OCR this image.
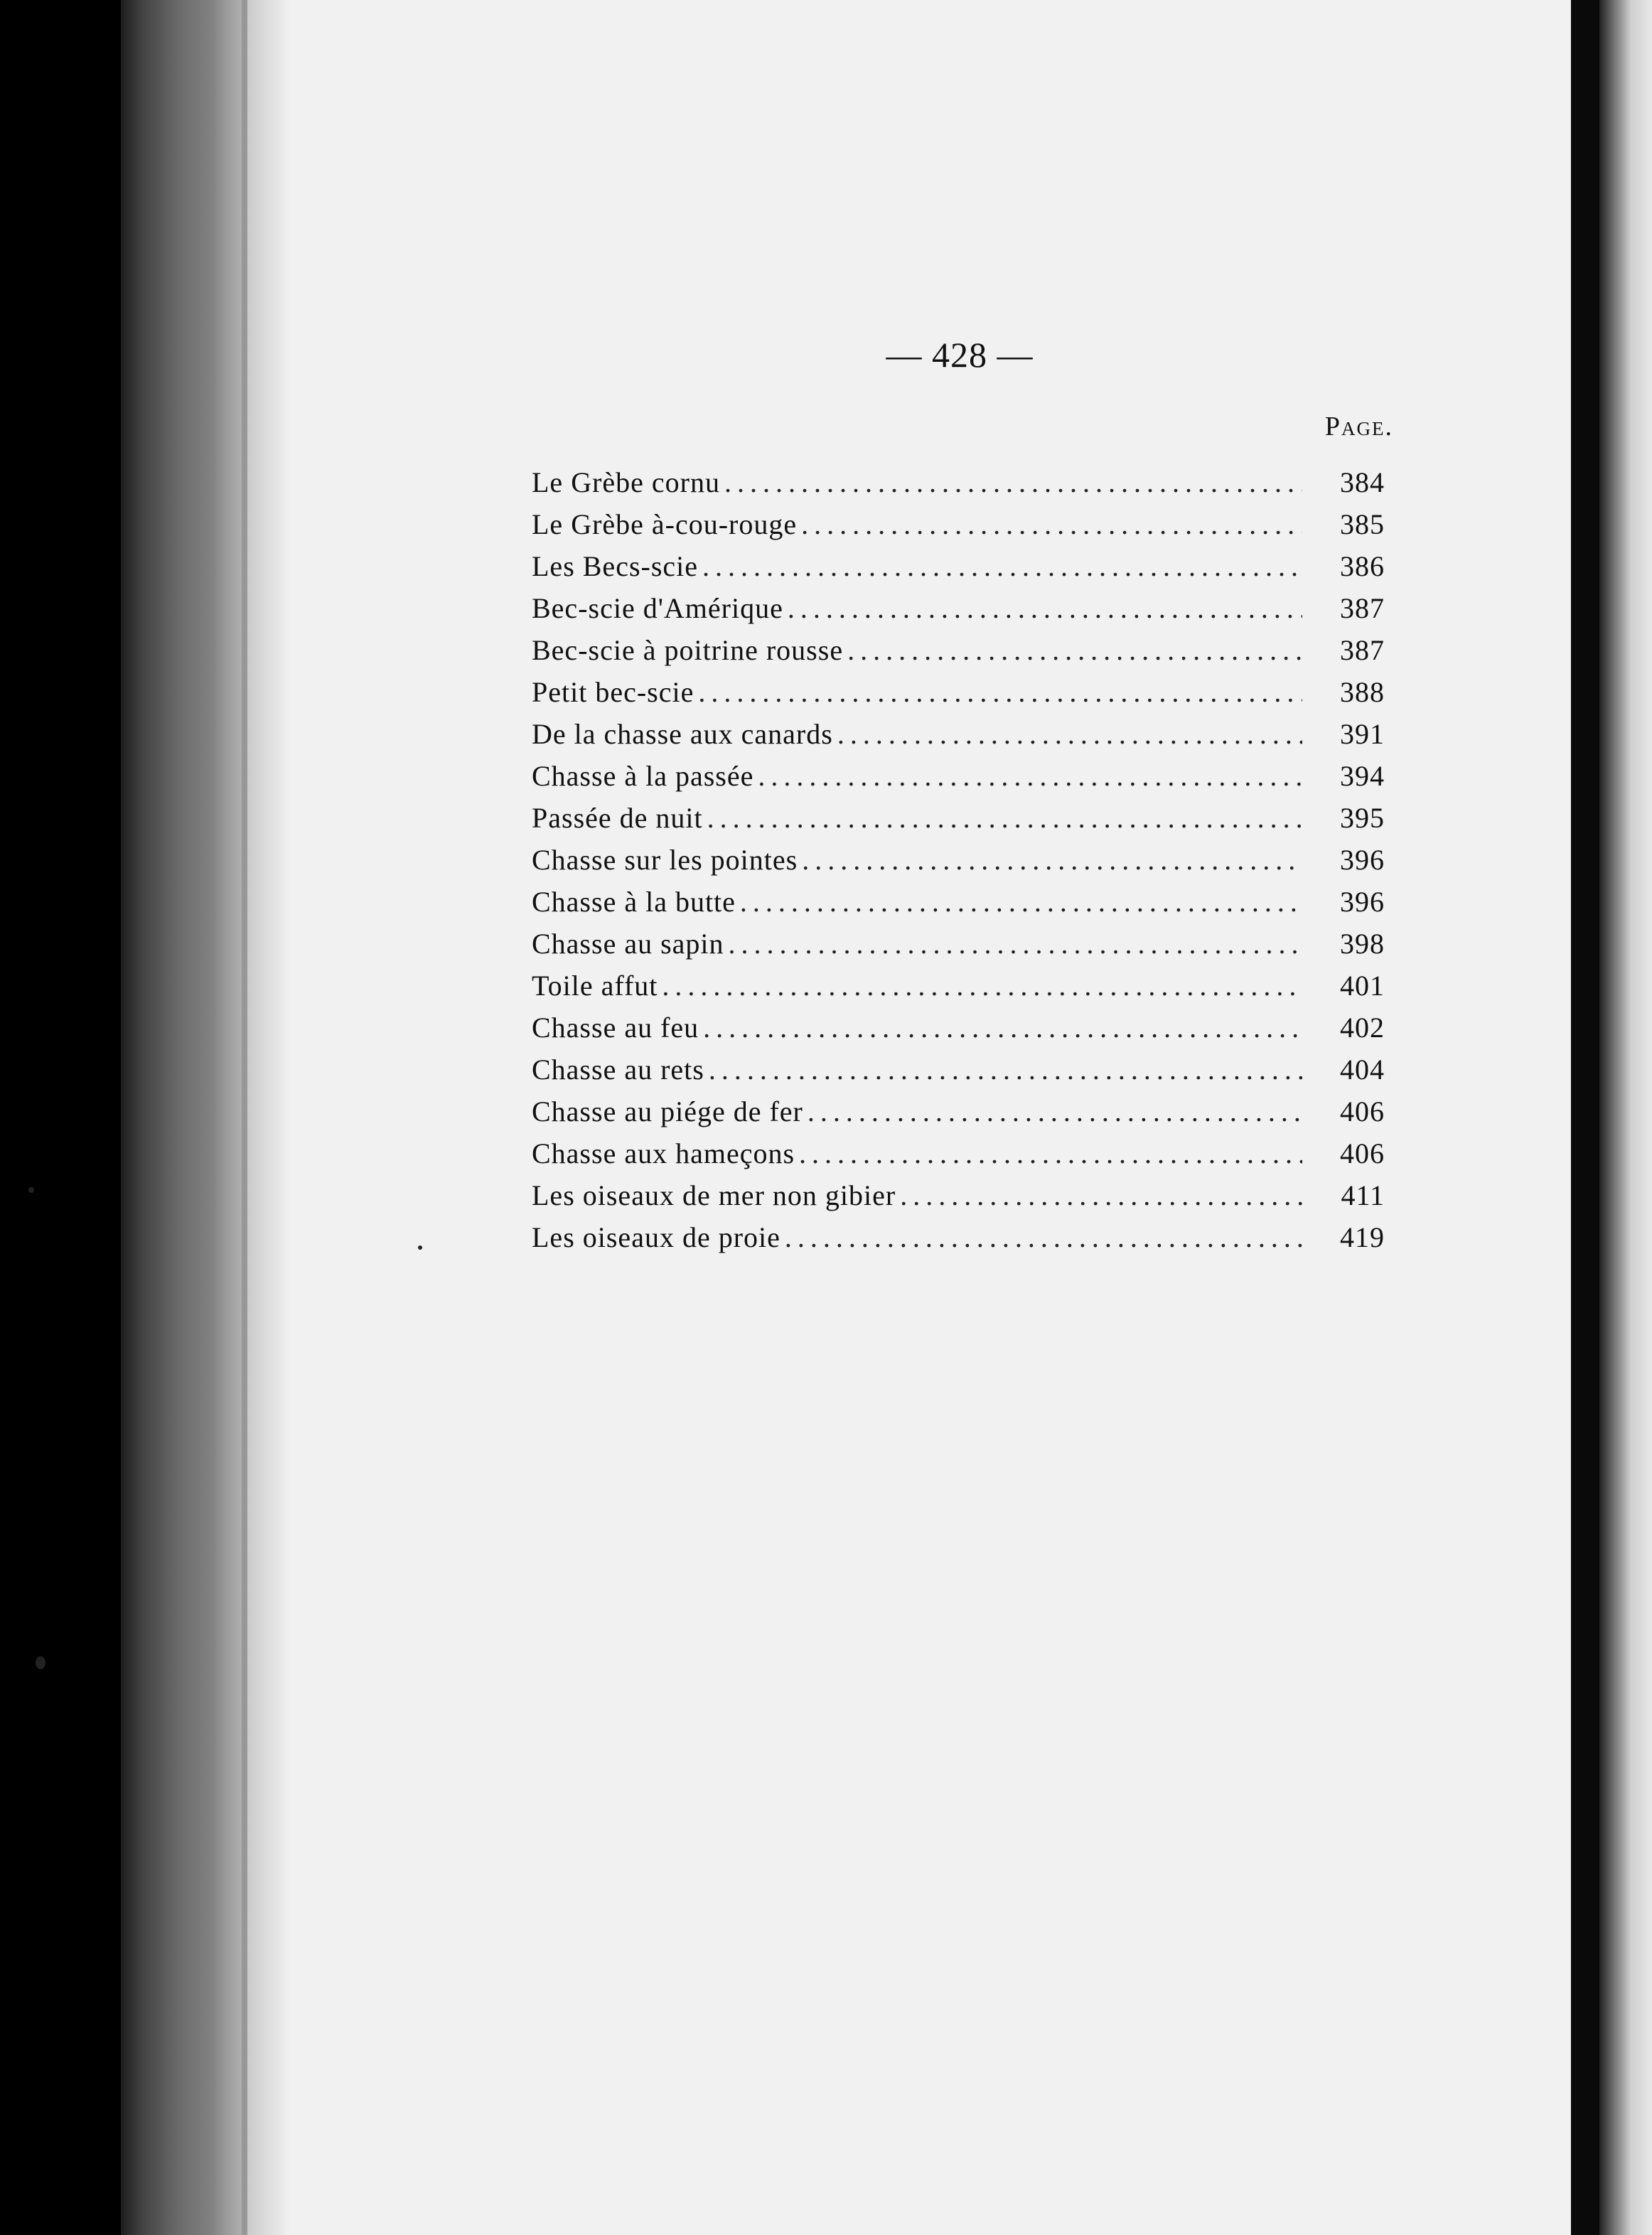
— 428 —
Page.
Le Grèbe cornu .....	384
Le Grèbe à-cou-rouge .....	385
Les Becs-scie .....	386
Bec-scie d'Amérique .....	387
Bec-scie à poitrine rousse .....	387
Petit bec-scie .....	388
De la chasse aux canards .....	391
Chasse à la passée .....	394
Passée de nuit .....	395
Chasse sur les pointes .....	396
Chasse à la butte .....	396
Chasse au sapin .....	398
Toile affut .....	401
Chasse au feu .....	402
Chasse au rets .....	404
Chasse au piége de fer .....	406
Chasse aux hameçons .....	406
Les oiseaux de mer non gibier .....	411
Les oiseaux de proie .....	419
